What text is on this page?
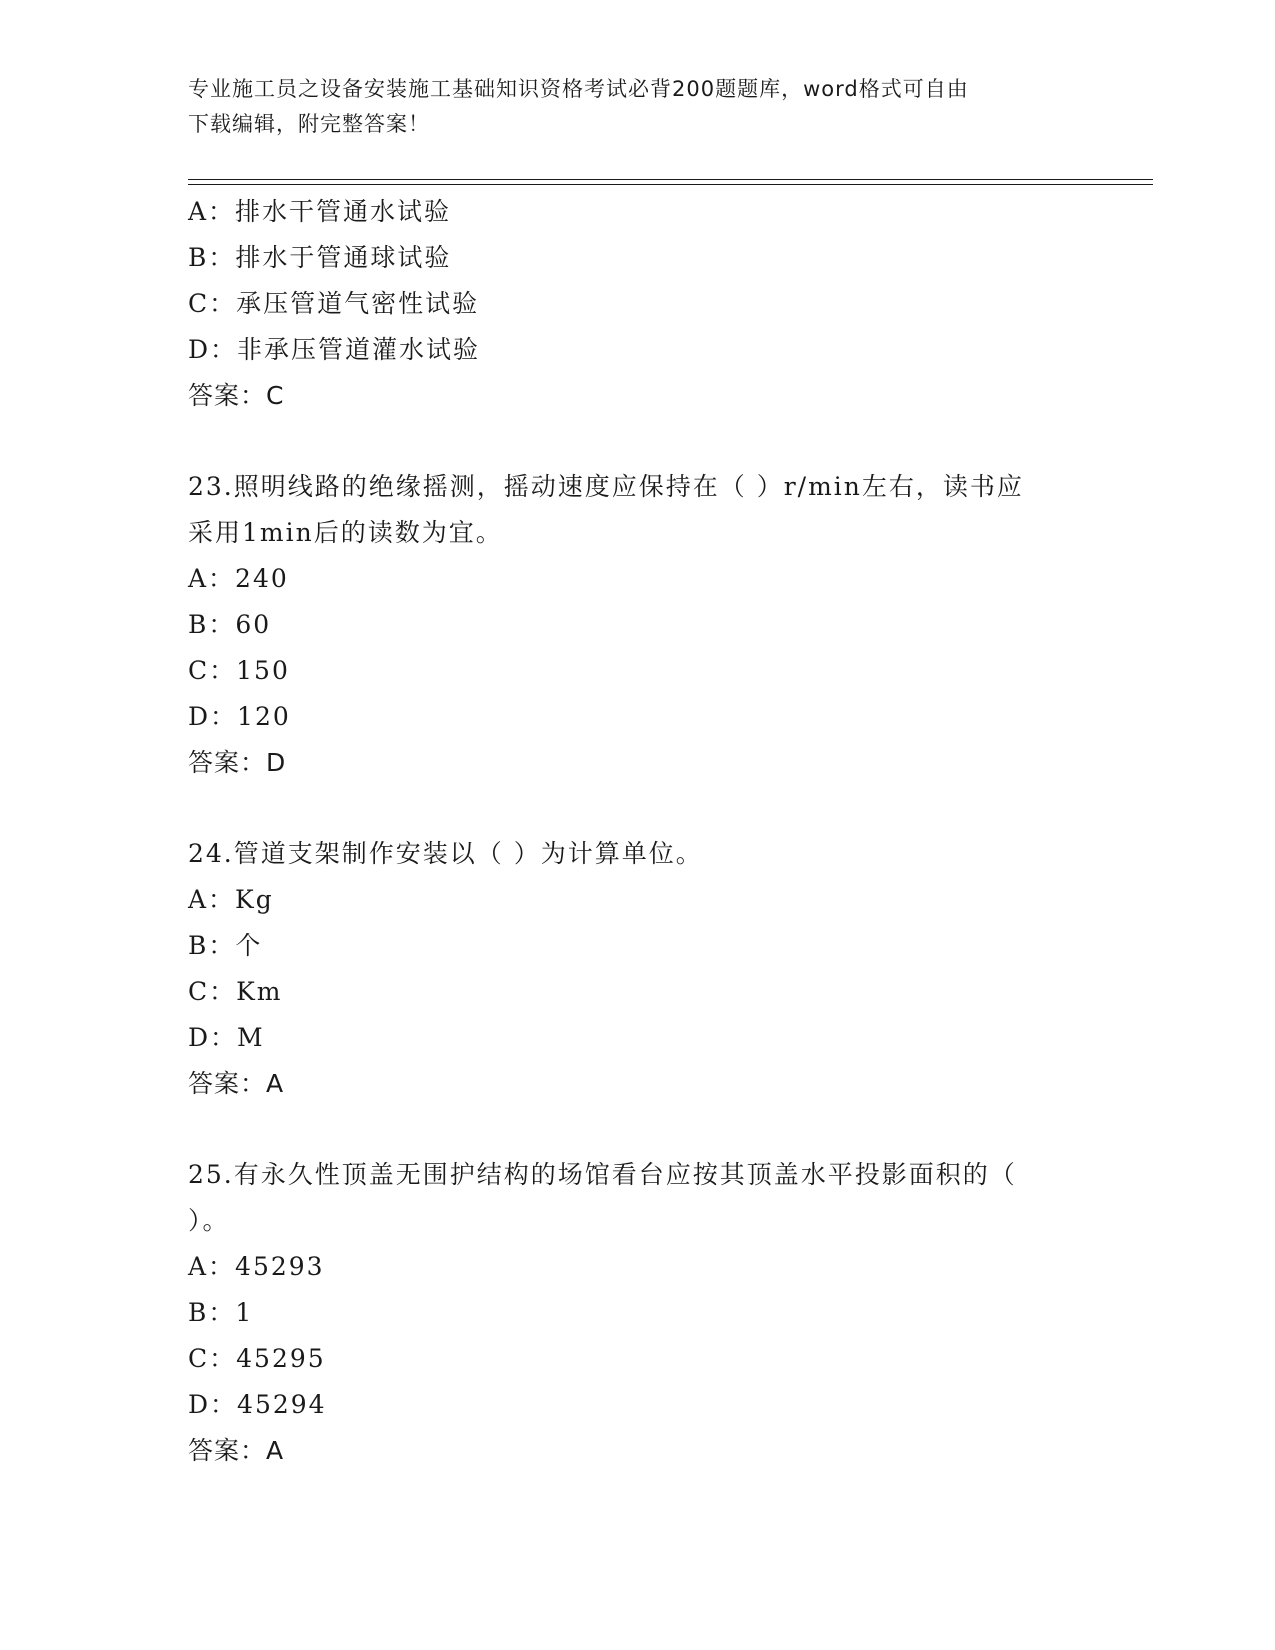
专业施工员之设备安装施工基础知识资格考试必背200题题库，word格式可自由
下载编辑，附完整答案！
A：排水干管通水试验
B：排水于管通球试验
C：承压管道气密性试验
D：非承压管道灌水试验
答案：C
23.照明线路的绝缘摇测，摇动速度应保持在（ ）r/min左右，读书应
采用1min后的读数为宜。
A：240
B：60
C：150
D：120
答案：D
24.管道支架制作安装以（ ）为计算单位。
A：Kg
B：个
C：Km
D：M
答案：A
25.有永久性顶盖无围护结构的场馆看台应按其顶盖水平投影面积的（
）。
A：45293
B：1
C：45295
D：45294
答案：A
